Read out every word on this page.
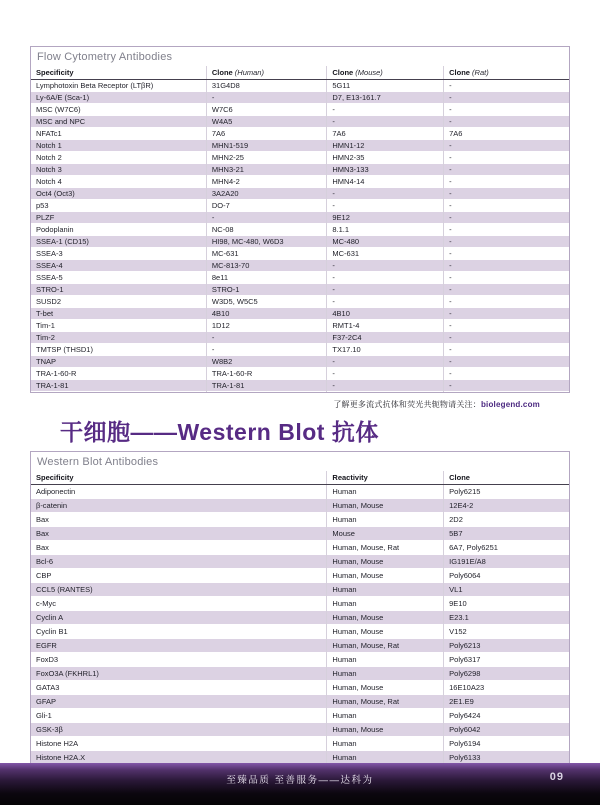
Flow Cytometry Antibodies
Specificity	Clone (Human)	Clone (Mouse)	Clone (Rat)
Lymphotoxin Beta Receptor (LTβR)	31G4D8	5G11	-
Ly-6A/E (Sca-1)	-	D7, E13-161.7	-
MSC (W7C6)	W7C6	-	-
MSC and NPC	W4A5	-	-
NFATc1	7A6	7A6	7A6
Notch 1	MHN1-519	HMN1-12	-
Notch 2	MHN2-25	HMN2-35	-
Notch 3	MHN3-21	HMN3-133	-
Notch 4	MHN4-2	HMN4-14	-
Oct4 (Oct3)	3A2A20	-	-
p53	DO-7	-	-
PLZF	-	9E12	-
Podoplanin	NC-08	8.1.1	-
SSEA-1 (CD15)	HI98, MC-480, W6D3	MC-480	-
SSEA-3	MC-631	MC-631	-
SSEA-4	MC-813-70	-	-
SSEA-5	8e11	-	-
STRO-1	STRO-1	-	-
SUSD2	W3D5, W5C5	-	-
T-bet	4B10	4B10	-
Tim-1	1D12	RMT1-4	-
Tim-2	-	F37-2C4	-
TMTSP (THSD1)	-	TX17.10	-
TNAP	W8B2	-	-
TRA-1-60-R	TRA-1-60-R	-	-
TRA-1-81	TRA-1-81	-	-
了解更多流式抗体和荧光共轭物请关注：biolegend.com
干细胞——Western Blot 抗体
Western Blot Antibodies
Specificity	Reactivity	Clone
Adiponectin	Human	Poly6215
β-catenin	Human, Mouse	12E4-2
Bax	Human	2D2
Bax	Mouse	5B7
Bax	Human, Mouse, Rat	6A7, Poly6251
Bcl-6	Human, Mouse	IG191E/A8
CBP	Human, Mouse	Poly6064
CCL5 (RANTES)	Human	VL1
c-Myc	Human	9E10
Cyclin A	Human, Mouse	E23.1
Cyclin B1	Human, Mouse	V152
EGFR	Human, Mouse, Rat	Poly6213
FoxD3	Human	Poly6317
FoxO3A (FKHRL1)	Human	Poly6298
GATA3	Human, Mouse	16E10A23
GFAP	Human, Mouse, Rat	2E1.E9
Gli-1	Human	Poly6424
GSK-3β	Human, Mouse	Poly6042
Histone H2A	Human	Poly6194
Histone H2A.X	Human	Poly6133

至臻品质 至善服务——达科为	09
